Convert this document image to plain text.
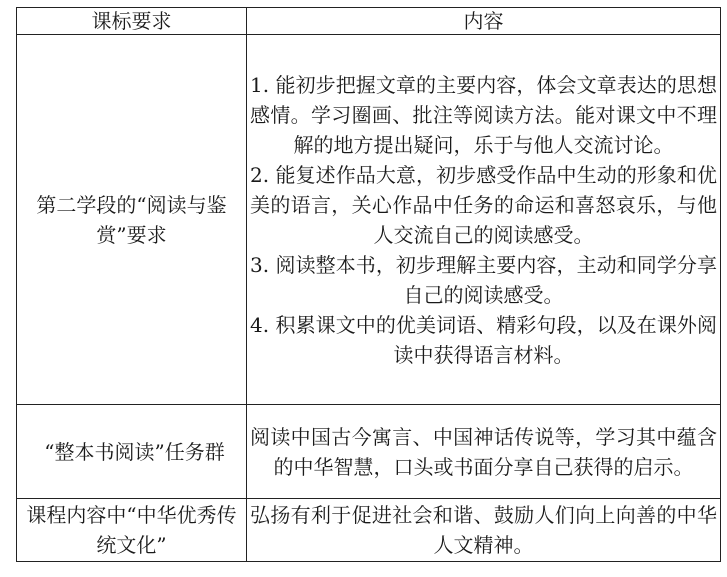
课标要求	内容
第二学段的“阅读与鉴赏”要求	1. 能初步把握文章的主要内容，体会文章表达的思想感情。学习圈画、批注等阅读方法。能对课文中不理解的地方提出疑问，乐于与他人交流讨论。
2. 能复述作品大意，初步感受作品中生动的形象和优美的语言，关心作品中任务的命运和喜怒哀乐，与他人交流自己的阅读感受。
3. 阅读整本书，初步理解主要内容，主动和同学分享自己的阅读感受。
4. 积累课文中的优美词语、精彩句段，以及在课外阅读中获得语言材料。

“整本书阅读”任务群	阅读中国古今寓言、中国神话传说等，学习其中蕴含的中华智慧，口头或书面分享自己获得的启示。

课程内容中“中华优秀传统文化”	弘扬有利于促进社会和谐、鼓励人们向上向善的中华人文精神。
